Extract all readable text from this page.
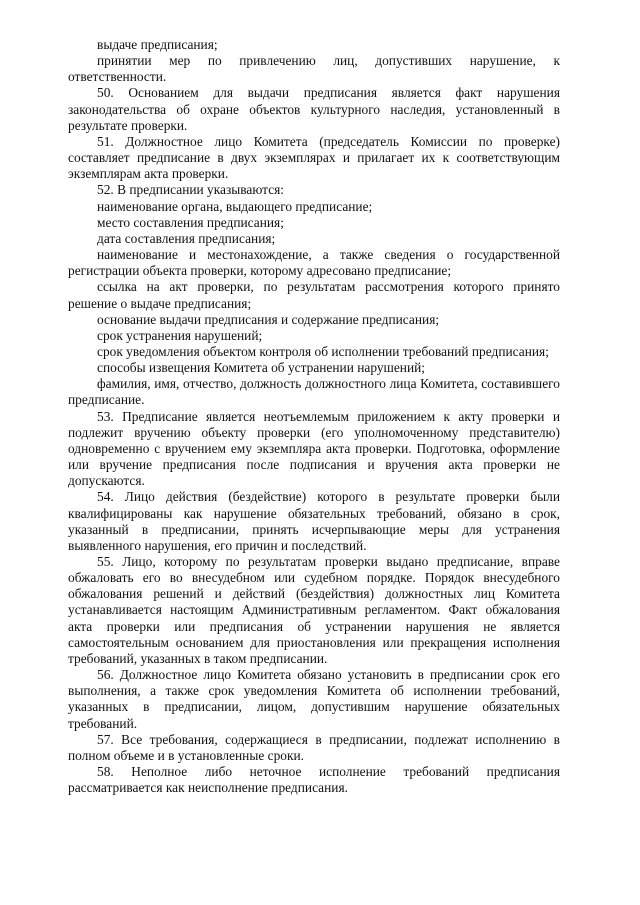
выдаче предписания;

принятии мер по привлечению лиц, допустивших нарушение, к ответственности.

50. Основанием для выдачи предписания является факт нарушения законодательства об охране объектов культурного наследия, установленный в результате проверки.

51. Должностное лицо Комитета (председатель Комиссии по проверке) составляет предписание в двух экземплярах и прилагает их к соответствующим экземплярам акта проверки.

52. В предписании указываются:

наименование органа, выдающего предписание;

место составления предписания;

дата составления предписания;

наименование и местонахождение, а также сведения о государственной регистрации объекта проверки, которому адресовано предписание;

ссылка на акт проверки, по результатам рассмотрения которого принято решение о выдаче предписания;

основание выдачи предписания и содержание предписания;

срок устранения нарушений;

срок уведомления объектом контроля об исполнении требований предписания;

способы извещения Комитета об устранении нарушений;

фамилия, имя, отчество, должность должностного лица Комитета, составившего предписание.

53. Предписание является неотъемлемым приложением к акту проверки и подлежит вручению объекту проверки (его уполномоченному представителю) одновременно с вручением ему экземпляра акта проверки. Подготовка, оформление или вручение предписания после подписания и вручения акта проверки не допускаются.

54. Лицо действия (бездействие) которого в результате проверки были квалифицированы как нарушение обязательных требований, обязано в срок, указанный в предписании, принять исчерпывающие меры для устранения выявленного нарушения, его причин и последствий.

55. Лицо, которому по результатам проверки выдано предписание, вправе обжаловать его во внесудебном или судебном порядке. Порядок внесудебного обжалования решений и действий (бездействия) должностных лиц Комитета устанавливается настоящим Административным регламентом. Факт обжалования акта проверки или предписания об устранении нарушения не является самостоятельным основанием для приостановления или прекращения исполнения требований, указанных в таком предписании.

56. Должностное лицо Комитета обязано установить в предписании срок его выполнения, а также срок уведомления Комитета об исполнении требований, указанных в предписании, лицом, допустившим нарушение обязательных требований.

57. Все требования, содержащиеся в предписании, подлежат исполнению в полном объеме и в установленные сроки.

58. Неполное либо неточное исполнение требований предписания рассматривается как неисполнение предписания.
